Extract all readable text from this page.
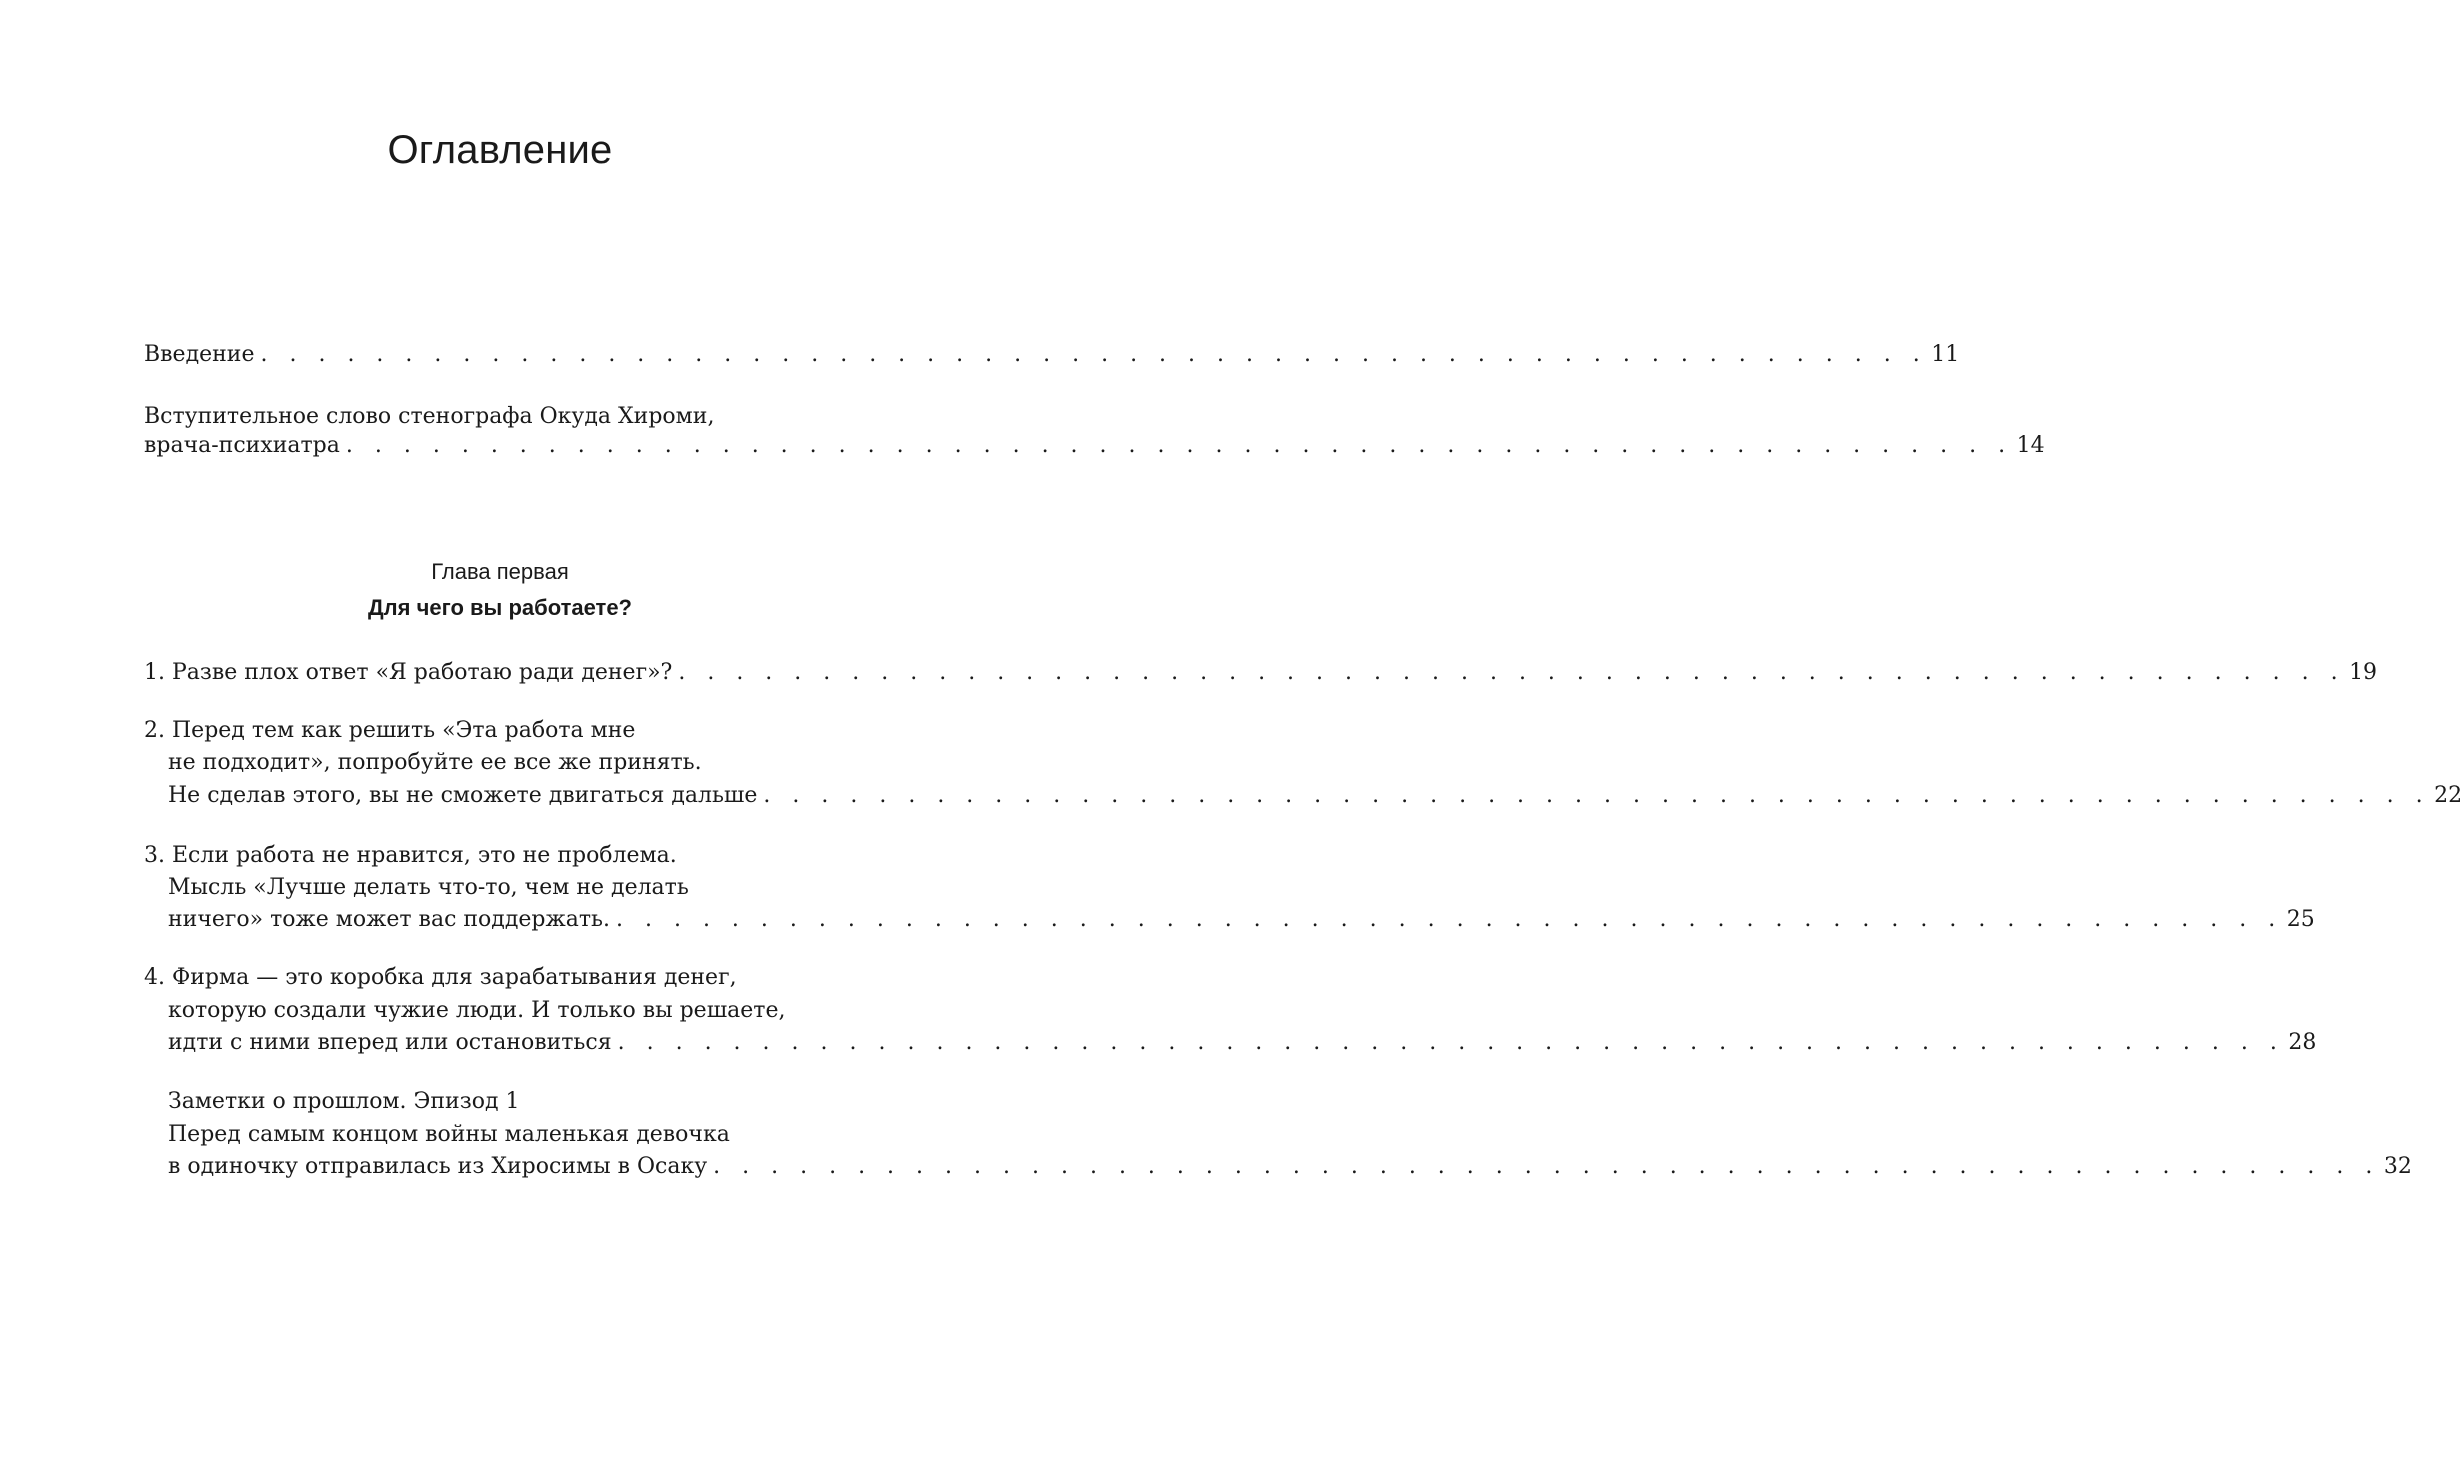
Оглавление
Введение . . . . . . . . . . . . . . . . . . . . . . . . . . . . . . . . . . . . . . . . . . . . . . . . . . . . . . . . . . 11
Вступительное слово стенографа Окуда Хироми,
врача-психиатра . . . . . . . . . . . . . . . . . . . . . . . . . . . . . . . . . . . . . . . . . . . . . . . . . . . . . . . . . . 14
Глава первая
Для чего вы работаете?
1. Разве плох ответ «Я работаю ради денег»? . . . . . . . . . . . . . . . . . . . . . . . . . . . . . . . . . . . . . . . . . . . . . . . . . . . . . . . . . . 19
2. Перед тем как решить «Эта работа мне
не подходит», попробуйте ее все же принять.
Не сделав этого, вы не сможете двигаться дальше . . . . . . . . . . . . . . . . . . . . . . . . . . . . . . . . . . . . . . . . . . . . . . . . . . . . . . . . . . 22
3. Если работа не нравится, это не проблема.
Мысль «Лучше делать что-то, чем не делать
ничего» тоже может вас поддержать. . . . . . . . . . . . . . . . . . . . . . . . . . . . . . . . . . . . . . . . . . . . . . . . . . . . . . . . . . . 25
4. Фирма — это коробка для зарабатывания денег,
которую создали чужие люди. И только вы решаете,
идти с ними вперед или остановиться . . . . . . . . . . . . . . . . . . . . . . . . . . . . . . . . . . . . . . . . . . . . . . . . . . . . . . . . . . 28
Заметки о прошлом. Эпизод 1
Перед самым концом войны маленькая девочка
в одиночку отправилась из Хиросимы в Осаку . . . . . . . . . . . . . . . . . . . . . . . . . . . . . . . . . . . . . . . . . . . . . . . . . . . . . . . . . . 32
